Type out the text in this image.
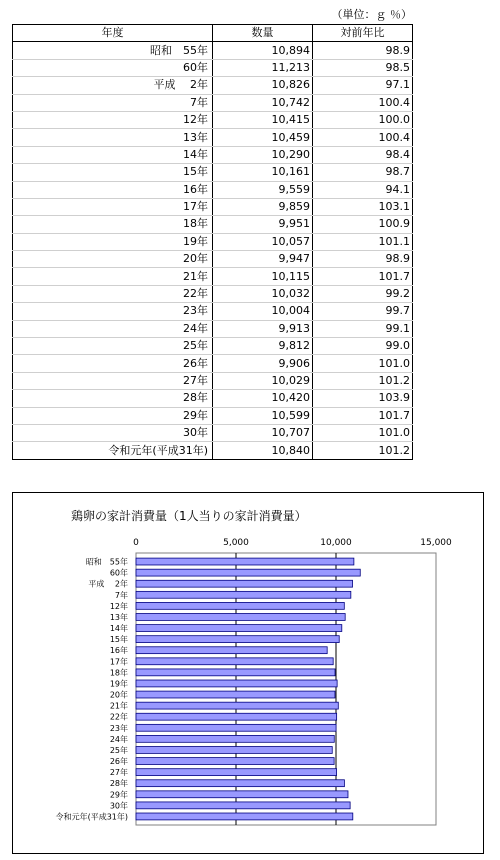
（単位：ｇ ％）
年度	数量	対前年比
昭和　55年	10,894	98.9
60年	11,213	98.5
平成　 2年	10,826	97.1
7年	10,742	100.4
12年	10,415	100.0
13年	10,459	100.4
14年	10,290	98.4
15年	10,161	98.7
16年	9,559	94.1
17年	9,859	103.1
18年	9,951	100.9
19年	10,057	101.1
20年	9,947	98.9
21年	10,115	101.7
22年	10,032	99.2
23年	10,004	99.7
24年	9,913	99.1
25年	9,812	99.0
26年	9,906	101.0
27年	10,029	101.2
28年	10,420	103.9
29年	10,599	101.7
30年	10,707	101.0
令和元年(平成31年)	10,840	101.2
鶏卵の家計消費量（1人当りの家計消費量）
0	5,000	10,000	15,000
昭和　55年
60年
平成　 2年
7年
12年
13年
14年
15年
16年
17年
18年
19年
20年
21年
22年
23年
24年
25年
26年
27年
28年
29年
30年
令和元年(平成31年)
